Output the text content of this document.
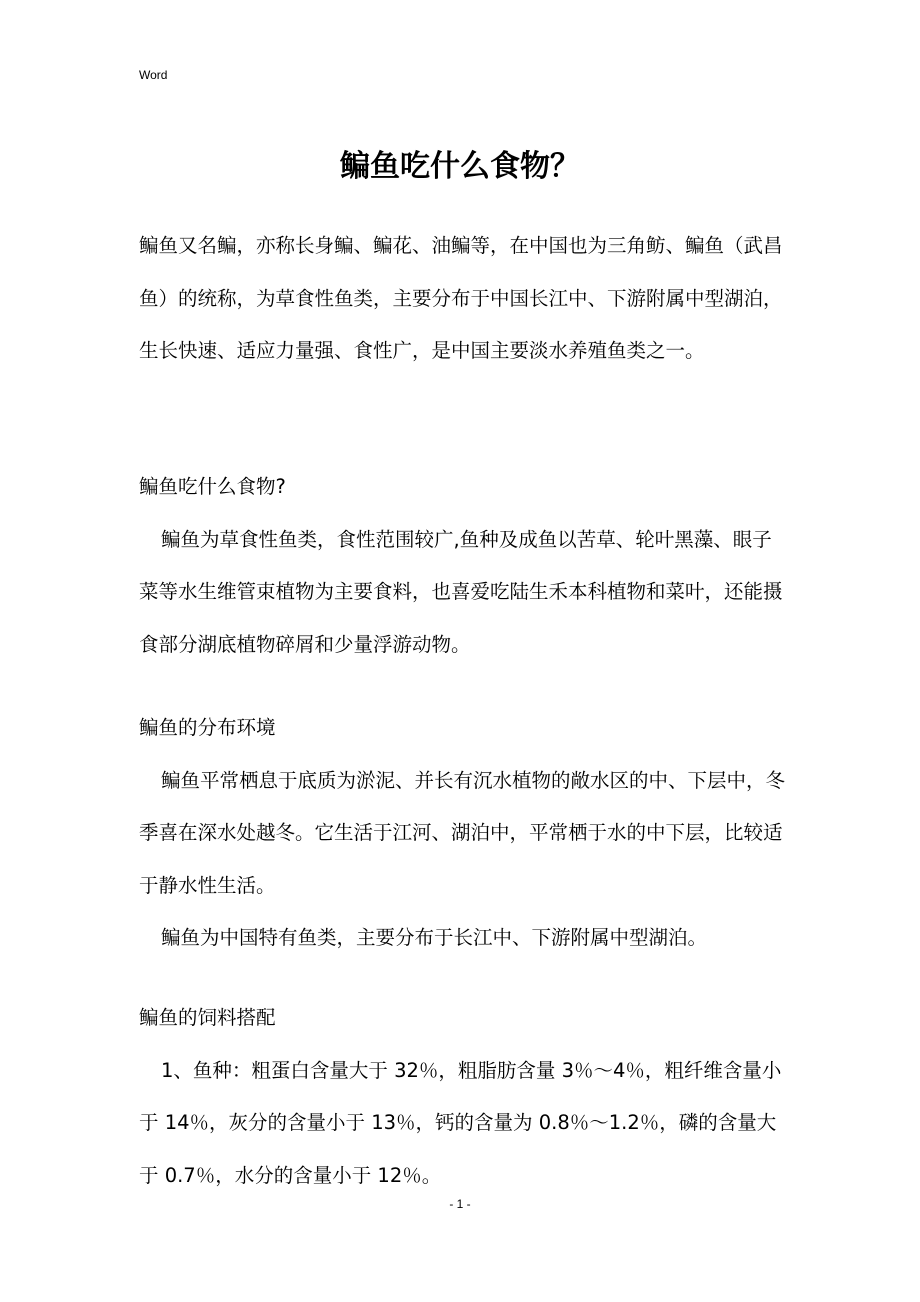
Word
鳊鱼吃什么食物？

鳊鱼又名鳊，亦称长身鳊、鳊花、油鳊等，在中国也为三角鲂、鳊鱼（武昌鱼）的统称，为草食性鱼类，主要分布于中国长江中、下游附属中型湖泊，生长快速、适应力量强、食性广，是中国主要淡水养殖鱼类之一。

鳊鱼吃什么食物?

鳊鱼为草食性鱼类，食性范围较广,鱼种及成鱼以苦草、轮叶黑藻、眼子菜等水生维管束植物为主要食料，也喜爱吃陆生禾本科植物和菜叶，还能摄食部分湖底植物碎屑和少量浮游动物。

鳊鱼的分布环境

鳊鱼平常栖息于底质为淤泥、并长有沉水植物的敞水区的中、下层中，冬季喜在深水处越冬。它生活于江河、湖泊中，平常栖于水的中下层，比较适于静水性生活。

鳊鱼为中国特有鱼类，主要分布于长江中、下游附属中型湖泊。

鳊鱼的饲料搭配

1、鱼种：粗蛋白含量大于 32％，粗脂肪含量 3％～4％，粗纤维含量小于 14％，灰分的含量小于 13％，钙的含量为 0.8％～1.2％，磷的含量大于 0.7％，水分的含量小于 12％。

- 1 -
